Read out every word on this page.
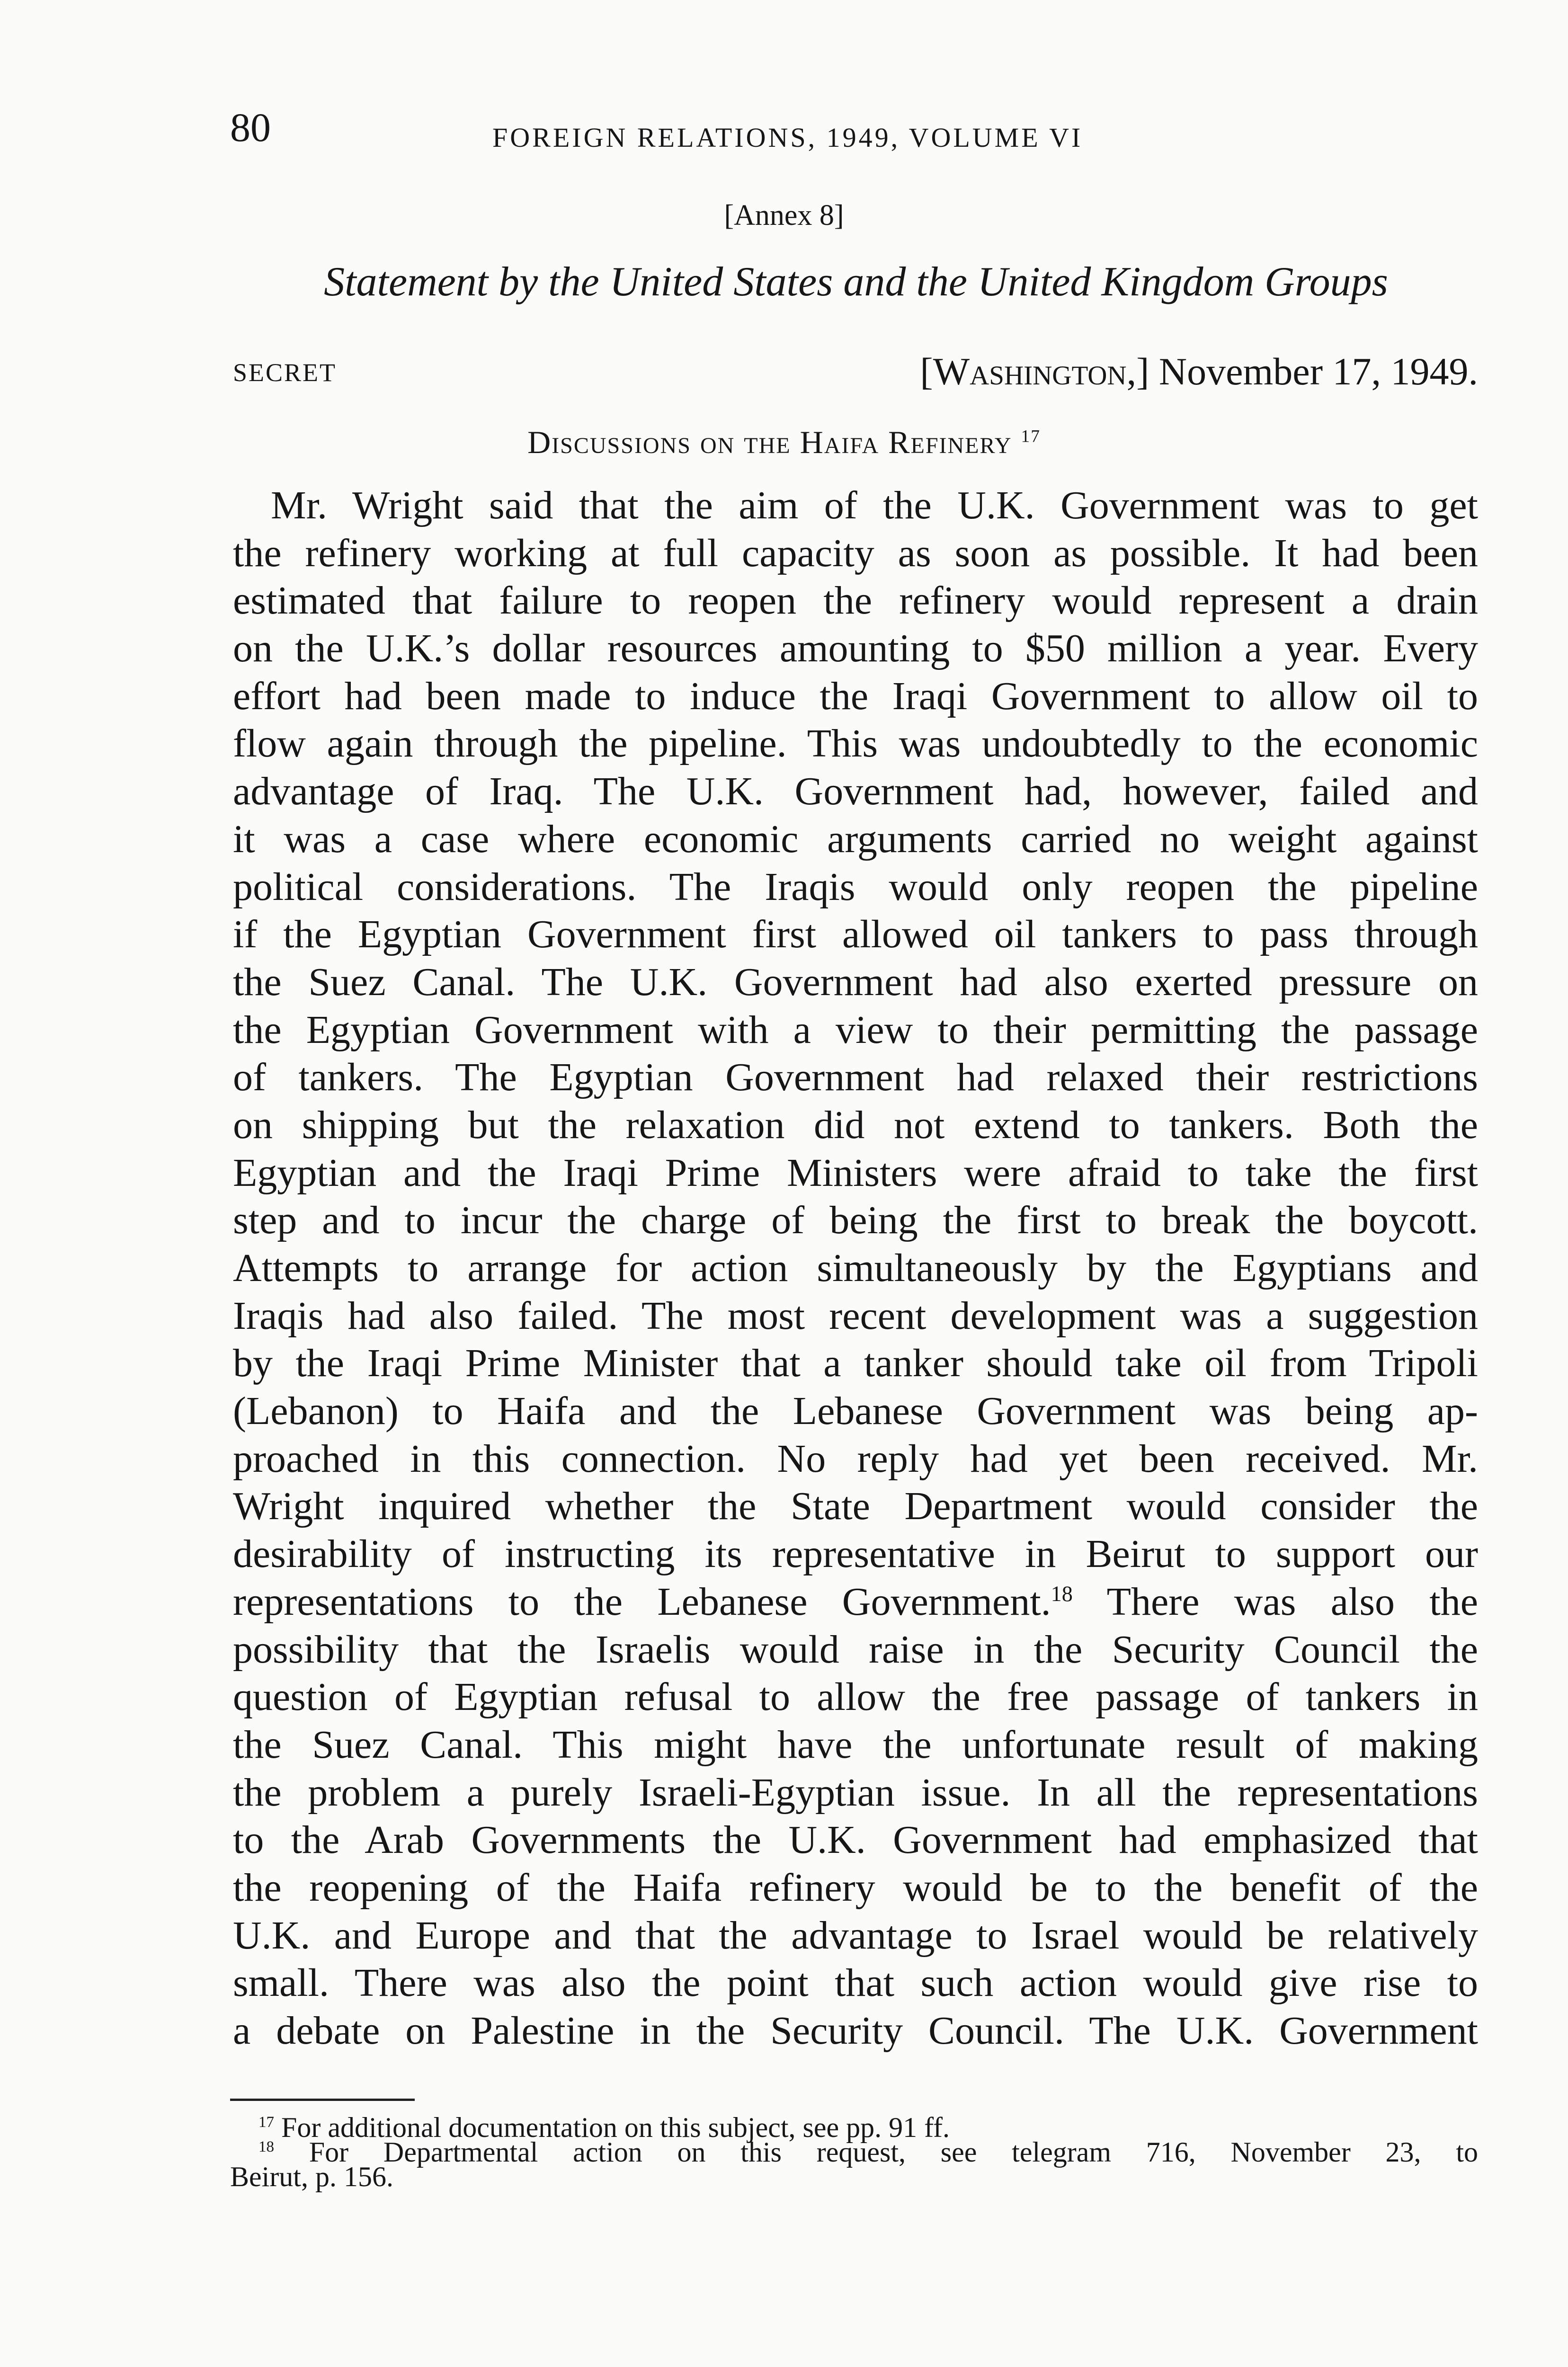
80	FOREIGN RELATIONS, 1949, VOLUME VI
[Annex 8]
Statement by the United States and the United Kingdom Groups
SECRET	[Washington,] November 17, 1949.
Discussions on the Haifa Refinery $^{17}$
Mr. Wright said that the aim of the U.K. Government was to get
the refinery working at full capacity as soon as possible. It had been
estimated that failure to reopen the refinery would represent a drain
on the U.K.’s dollar resources amounting to $50 million a year. Every
effort had been made to induce the Iraqi Government to allow oil to
flow again through the pipeline. This was undoubtedly to the economic
advantage of Iraq. The U.K. Government had, however, failed and
it was a case where economic arguments carried no weight against
political considerations. The Iraqis would only reopen the pipeline
if the Egyptian Government first allowed oil tankers to pass through
the Suez Canal. The U.K. Government had also exerted pressure on
the Egyptian Government with a view to their permitting the passage
of tankers. The Egyptian Government had relaxed their restrictions
on shipping but the relaxation did not extend to tankers. Both the
Egyptian and the Iraqi Prime Ministers were afraid to take the first
step and to incur the charge of being the first to break the boycott.
Attempts to arrange for action simultaneously by the Egyptians and
Iraqis had also failed. The most recent development was a suggestion
by the Iraqi Prime Minister that a tanker should take oil from Tripoli
(Lebanon) to Haifa and the Lebanese Government was being ap-
proached in this connection. No reply had yet been received. Mr.
Wright inquired whether the State Department would consider the
desirability of instructing its representative in Beirut to support our
representations to the Lebanese Government.$^{18}$ There was also the
possibility that the Israelis would raise in the Security Council the
question of Egyptian refusal to allow the free passage of tankers in
the Suez Canal. This might have the unfortunate result of making
the problem a purely Israeli-Egyptian issue. In all the representations
to the Arab Governments the U.K. Government had emphasized that
the reopening of the Haifa refinery would be to the benefit of the
U.K. and Europe and that the advantage to Israel would be relatively
small. There was also the point that such action would give rise to
a debate on Palestine in the Security Council. The U.K. Government
$^{17}$ For additional documentation on this subject, see pp. 91 ff.
$^{18}$ For Departmental action on this request, see telegram 716, November 23, to
Beirut, p. 156.
